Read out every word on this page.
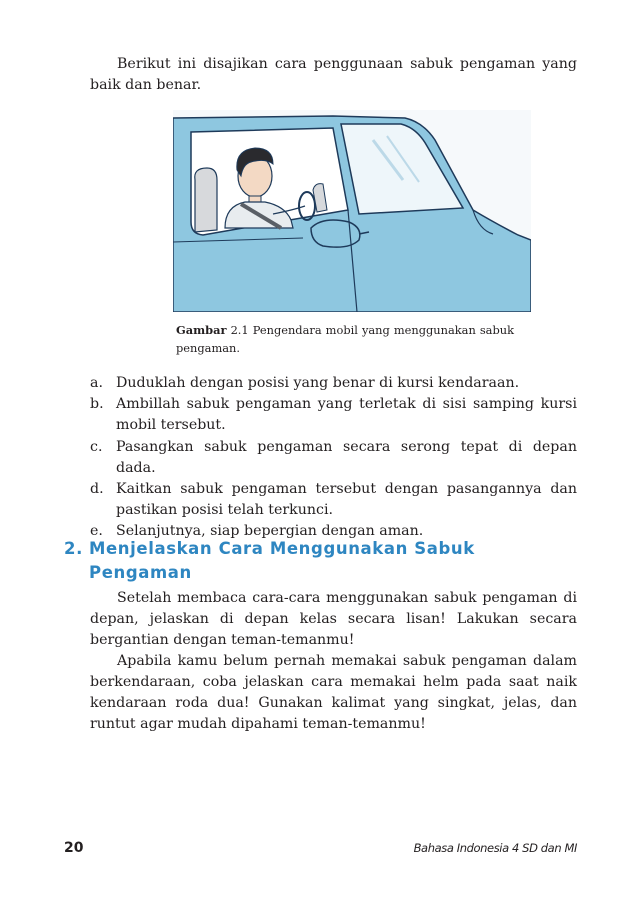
Berikut ini disajikan cara penggunaan sabuk pengaman yang baik dan benar.

Gambar 2.1 Pengendara mobil yang menggunakan sabuk pengaman.
a. Duduklah dengan posisi yang benar di kursi kendaraan.
b. Ambillah sabuk pengaman yang terletak di sisi samping kursi mobil tersebut.
c. Pasangkan sabuk pengaman secara serong tepat di depan dada.
d. Kaitkan sabuk pengaman tersebut dengan pasangannya dan pastikan posisi telah terkunci.
e. Selanjutnya, siap bepergian dengan aman.
2. Menjelaskan Cara Menggunakan Sabuk Pengaman

Setelah membaca cara-cara menggunakan sabuk pengaman di depan, jelaskan di depan kelas secara lisan! Lakukan secara bergantian dengan teman-temanmu!

Apabila kamu belum pernah memakai sabuk pengaman dalam berkendaraan, coba jelaskan cara memakai helm pada saat naik kendaraan roda dua! Gunakan kalimat yang singkat, jelas, dan runtut agar mudah dipahami teman-temanmu!

20	Bahasa Indonesia 4 SD dan MI
